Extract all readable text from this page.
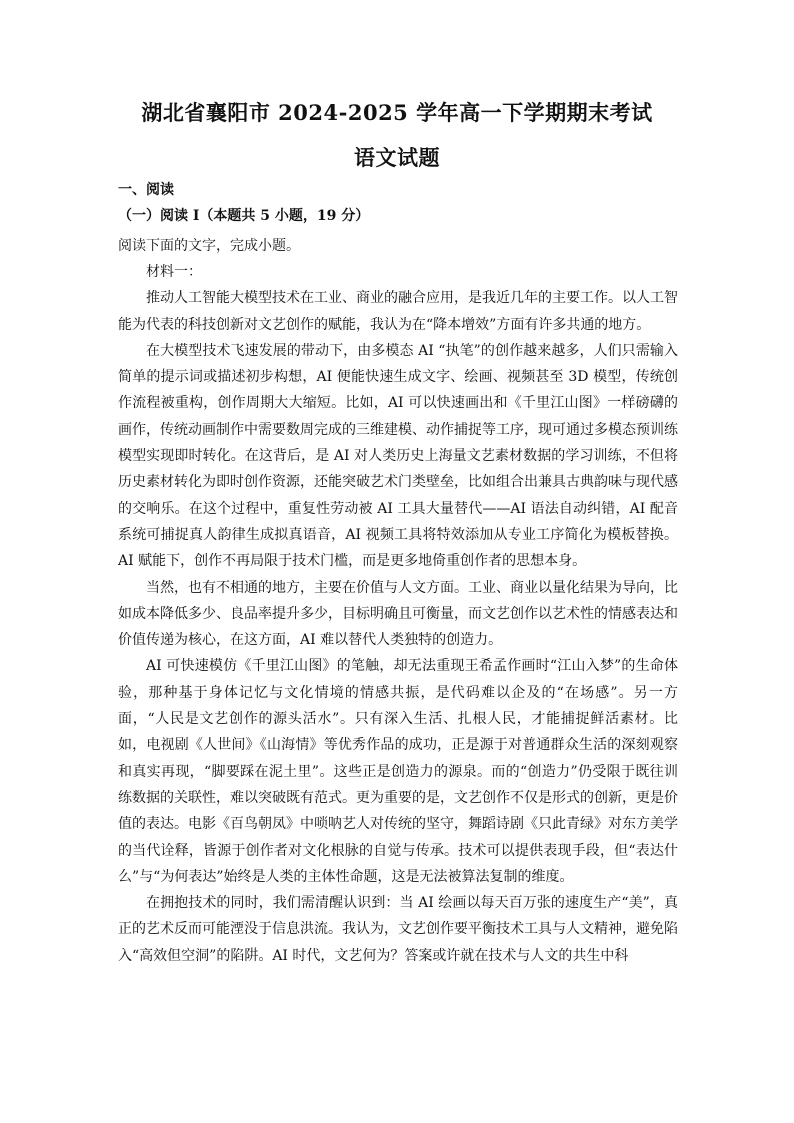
湖北省襄阳市 2024-2025 学年高一下学期期末考试
语文试题
一、阅读
（一）阅读 I（本题共 5 小题，19 分）

阅读下面的文字，完成小题。

材料一：

推动人工智能大模型技术在工业、商业的融合应用，是我近几年的主要工作。以人工智能为代表的科技创新对文艺创作的赋能，我认为在“降本增效”方面有许多共通的地方。

在大模型技术飞速发展的带动下，由多模态 AI “执笔”的创作越来越多，人们只需输入简单的提示词或描述初步构想，AI 便能快速生成文字、绘画、视频甚至 3D 模型，传统创作流程被重构，创作周期大大缩短。比如，AI 可以快速画出和《千里江山图》一样磅礴的画作，传统动画制作中需要数周完成的三维建模、动作捕捉等工序，现可通过多模态预训练模型实现即时转化。在这背后，是 AI 对人类历史上海量文艺素材数据的学习训练，不但将历史素材转化为即时创作资源，还能突破艺术门类壁垒，比如组合出兼具古典韵味与现代感的交响乐。在这个过程中，重复性劳动被 AI 工具大量替代——AI 语法自动纠错，AI 配音系统可捕捉真人韵律生成拟真语音，AI 视频工具将特效添加从专业工序简化为模板替换。AI 赋能下，创作不再局限于技术门槛，而是更多地倚重创作者的思想本身。

当然，也有不相通的地方，主要在价值与人文方面。工业、商业以量化结果为导向，比如成本降低多少、良品率提升多少，目标明确且可衡量，而文艺创作以艺术性的情感表达和价值传递为核心，在这方面，AI 难以替代人类独特的创造力。

AI 可快速模仿《千里江山图》的笔触，却无法重现王希孟作画时“江山入梦”的生命体验，那种基于身体记忆与文化情境的情感共振，是代码难以企及的“在场感”。另一方面，“人民是文艺创作的源头活水”。只有深入生活、扎根人民，才能捕捉鲜活素材。比如，电视剧《人世间》《山海情》等优秀作品的成功，正是源于对普通群众生活的深刻观察和真实再现，“脚要踩在泥土里”。这些正是创造力的源泉。而的“创造力”仍受限于既往训练数据的关联性，难以突破既有范式。更为重要的是，文艺创作不仅是形式的创新，更是价值的表达。电影《百鸟朝凤》中唢呐艺人对传统的坚守，舞蹈诗剧《只此青绿》对东方美学的当代诠释，皆源于创作者对文化根脉的自觉与传承。技术可以提供表现手段，但“表达什么”与“为何表达”始终是人类的主体性命题，这是无法被算法复制的维度。

在拥抱技术的同时，我们需清醒认识到：当 AI 绘画以每天百万张的速度生产“美”，真正的艺术反而可能湮没于信息洪流。我认为，文艺创作要平衡技术工具与人文精神，避免陷入“高效但空洞”的陷阱。AI 时代，文艺何为？答案或许就在技术与人文的共生中科
